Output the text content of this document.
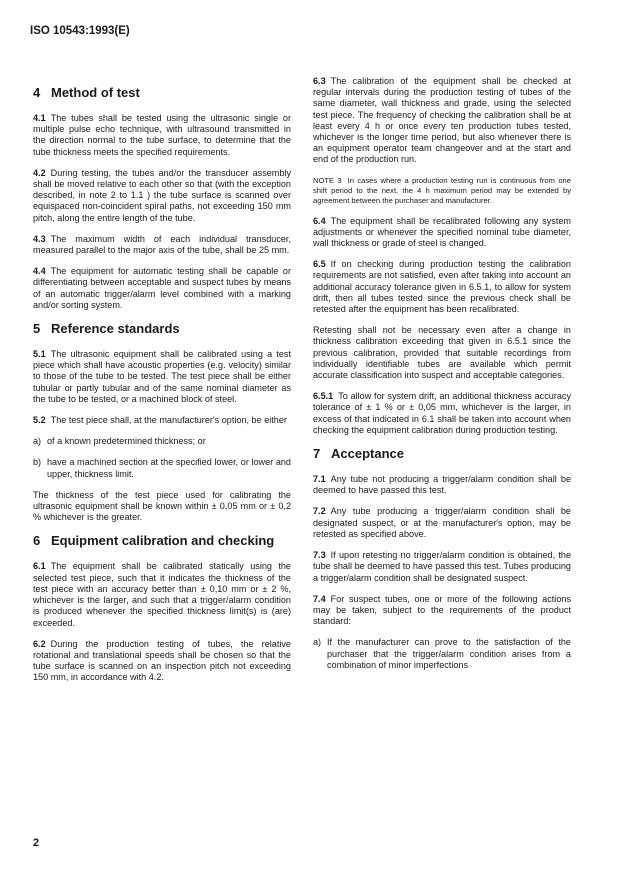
ISO 10543:1993(E)
4 Method of test

4.1 The tubes shall be tested using the ultrasonic single or multiple pulse echo technique, with ultrasound transmitted in the direction normal to the tube surface, to determine that the tube thickness meets the specified requirements.

4.2 During testing, the tubes and/or the transducer assembly shall be moved relative to each other so that (with the exception described, in note 2 to 1.1 ) the tube surface is scanned over equispaced non-coincident spiral paths, not exceeding 150 mm pitch, along the entire length of the tube.

4.3 The maximum width of each individual transducer, measured parallel to the major axis of the tube, shall be 25 mm.

4.4 The equipment for automatic testing shall be capable or differentiating between acceptable and suspect tubes by means of an automatic trigger/alarm level combined with a marking and/or sorting system.

5 Reference standards

5.1 The ultrasonic equipment shall be calibrated using a test piece which shall have acoustic properties (e.g. velocity) similar to those of the tube to be tested. The test piece shall be either tubular or partly tubular and of the same nominal diameter as the tube to be tested, or a machined block of steel.

5.2 The test piece shall, at the manufacturer's option, be either

a) of a known predetermined thickness; or
b) have a machined section at the specified lower, or lower and upper, thickness limit.

The thickness of the test piece used for calibrating the ultrasonic equipment shall be known within ± 0,05 mm or ± 0,2 % whichever is the greater.

6 Equipment calibration and checking

6.1 The equipment shall be calibrated statically using the selected test piece, such that it indicates the thickness of the test piece with an accuracy better than ± 0,10 mm or ± 2 %, whichever is the larger, and such that a trigger/alarm condition is produced whenever the specified thickness limit(s) is (are) exceeded.

6.2 During the production testing of tubes, the relative rotational and translational speeds shall be chosen so that the tube surface is scanned on an inspection pitch not exceeding 150 mm, in accordance with 4.2.

6.3 The calibration of the equipment shall be checked at regular intervals during the production testing of tubes of the same diameter, wall thickness and grade, using the selected test piece. The frequency of checking the calibration shall be at least every 4 h or once every ten production tubes tested, whichever is the longer time period, but also whenever there is an equipment operator team changeover and at the start and end of the production run.

NOTE 3 In cases where a production testing run is continuous from one shift period to the next, the 4 h maximum period may be extended by agreement between the purchaser and manufacturer.

6.4 The equipment shall be recalibrated following any system adjustments or whenever the specified nominal tube diameter, wall thickness or grade of steel is changed.

6.5 If on checking during production testing the calibration requirements are not satisfied, even after taking into account an additional accuracy tolerance given in 6.5.1, to allow for system drift, then all tubes tested since the previous check shall be retested after the equipment has been recalibrated.

Retesting shall not be necessary even after a change in thickness calibration exceeding that given in 6.5.1 since the previous calibration, provided that suitable recordings from individually identifiable tubes are available which permit accurate classification into suspect and acceptable categories.

6.5.1 To allow for system drift, an additional thickness accuracy tolerance of ± 1 % or ± 0,05 mm, whichever is the larger, in excess of that indicated in 6.1 shall be taken into account when checking the equipment calibration during production testing.

7 Acceptance

7.1 Any tube not producing a trigger/alarm condition shall be deemed to have passed this test.

7.2 Any tube producing a trigger/alarm condition shall be designated suspect, or at the manufacturer's option, may be retested as specified above.

7.3 If upon retesting no trigger/alarm condition is obtained, the tube shall be deemed to have passed this test. Tubes producing a trigger/alarm condition shall be designated suspect.

7.4 For suspect tubes, one or more of the following actions may be taken, subject to the requirements of the product standard:

a) If the manufacturer can prove to the satisfaction of the purchaser that the trigger/alarm condition arises from a combination of minor imperfections
2
